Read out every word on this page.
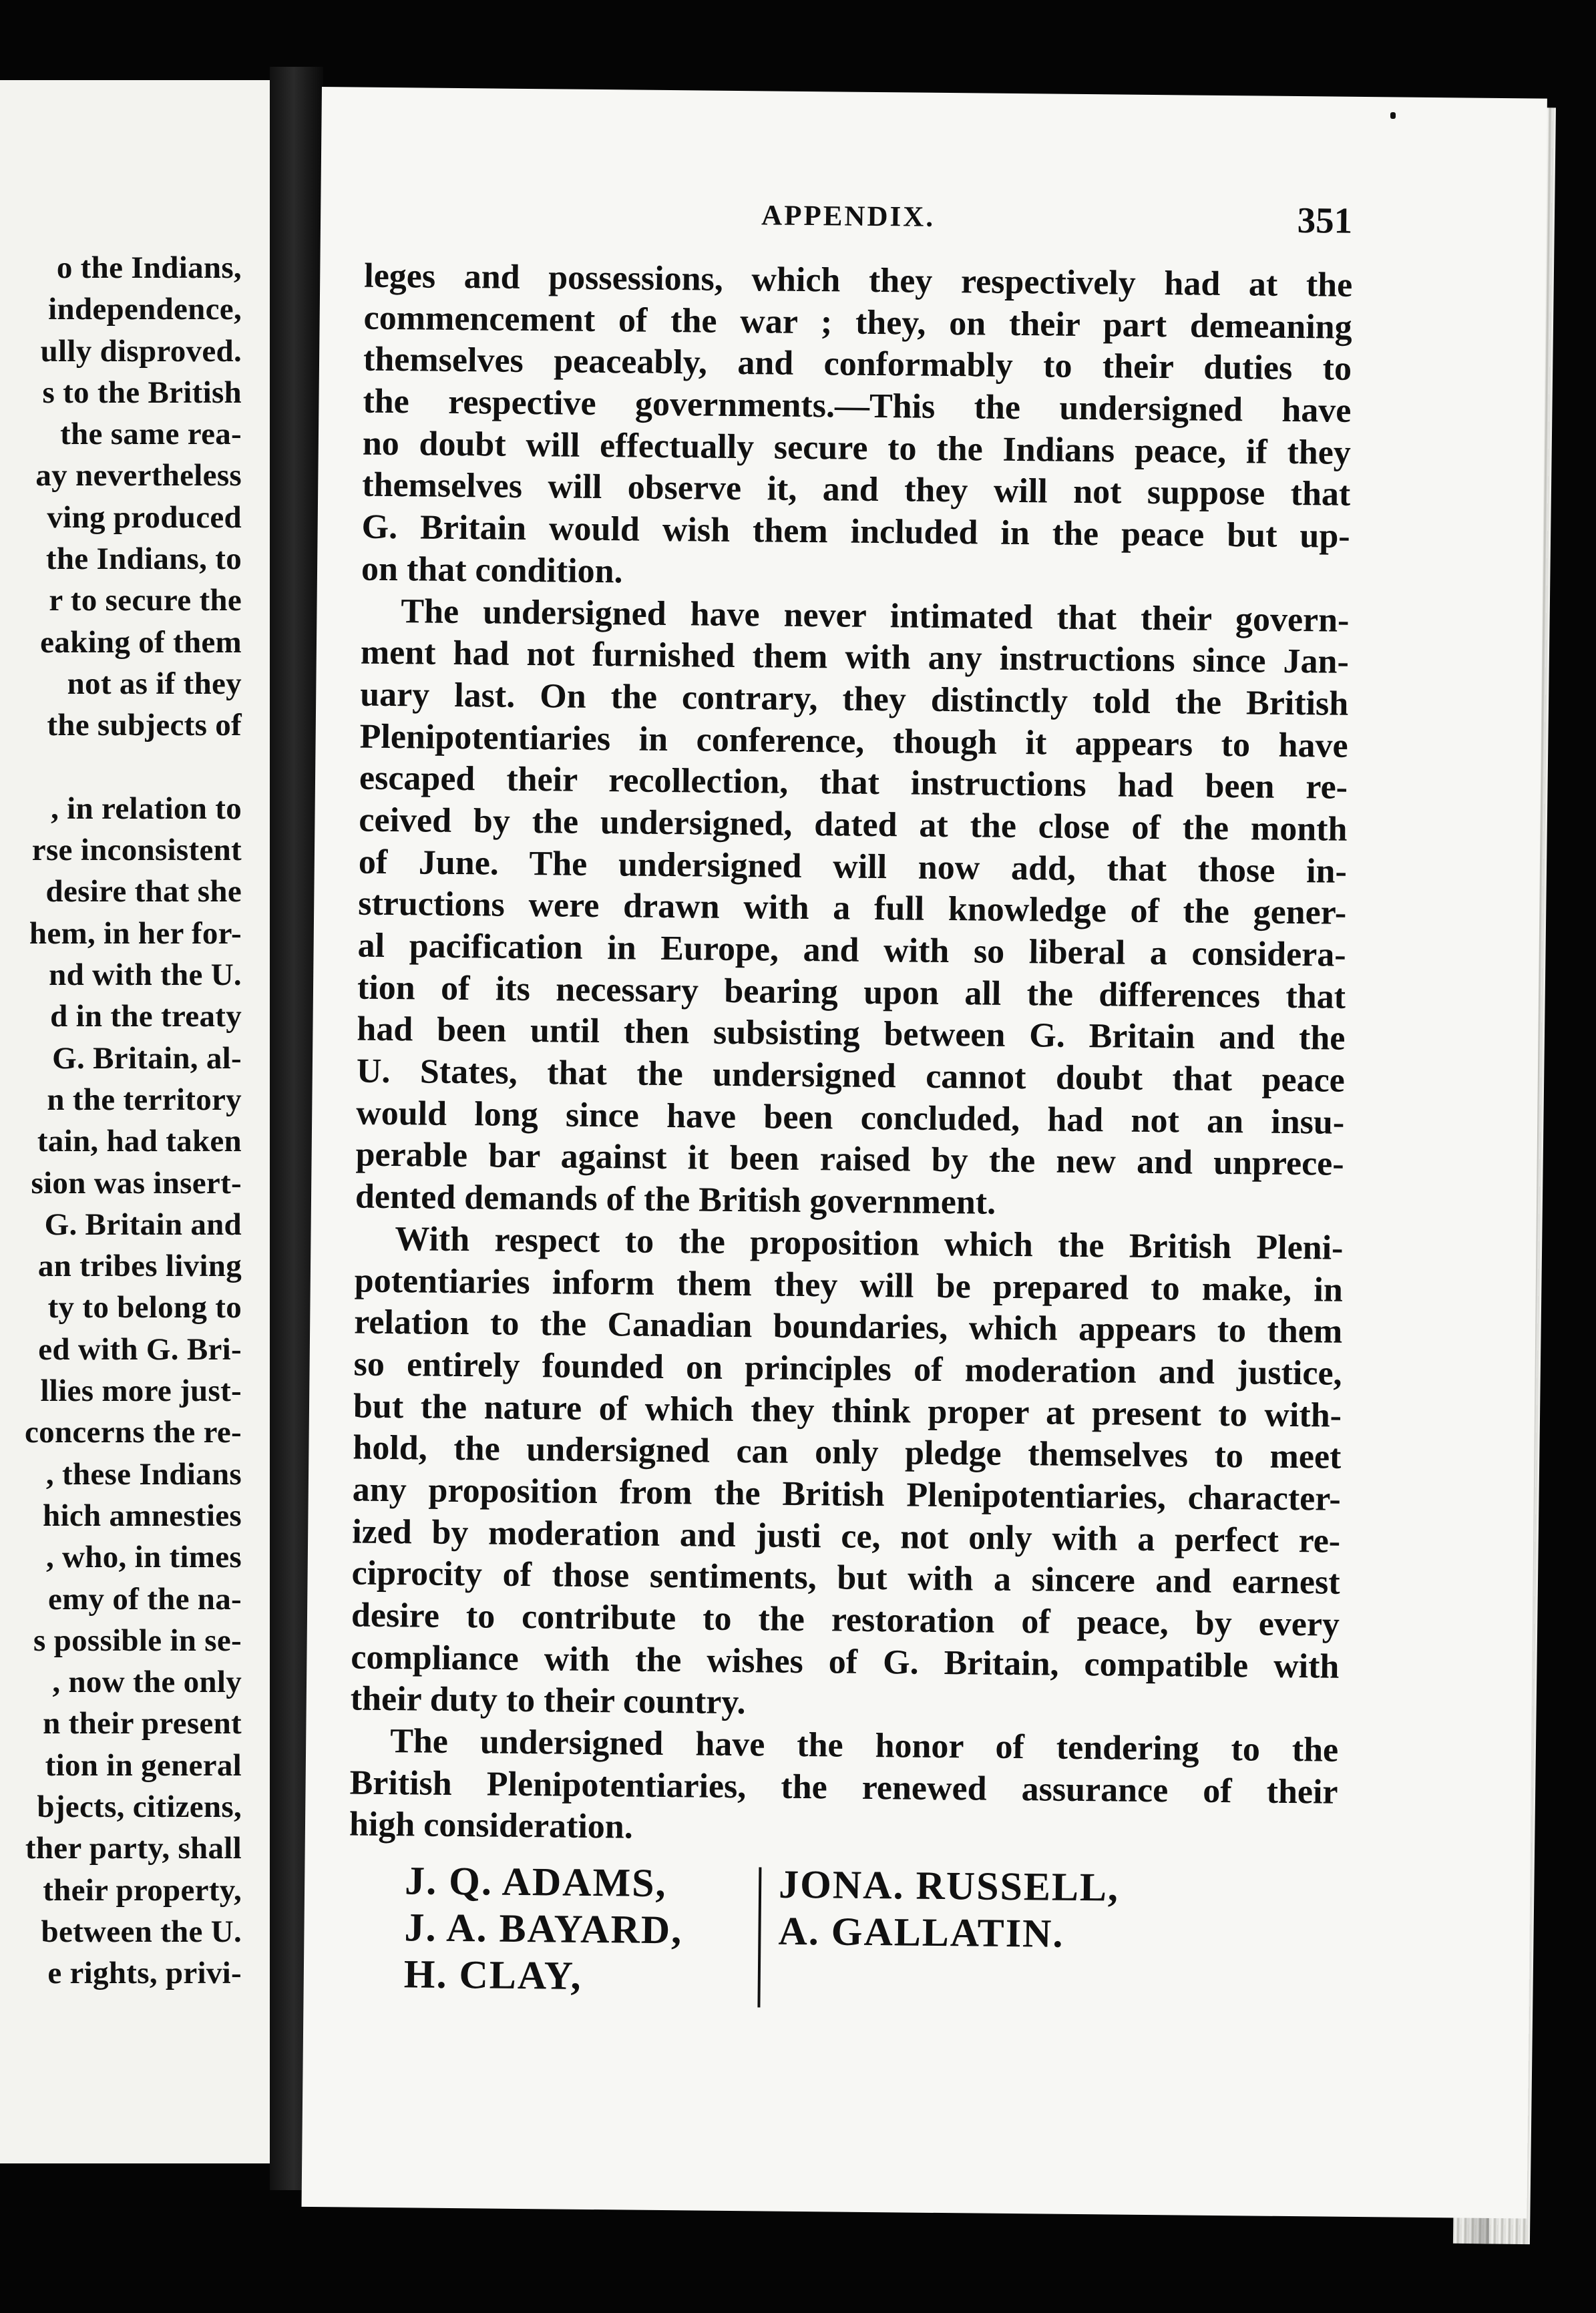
o the Indians,
independence,
ully disproved.
s to the British
the same rea-
ay nevertheless
ving produced
the Indians, to
r to secure the
eaking of them
not as if they
the subjects of
, in relation to
rse inconsistent
desire that she
hem, in her for-
nd with the U.
d in the treaty
G. Britain, al-
n the territory
tain, had taken
sion was insert-
G. Britain and
an tribes living
ty to belong to
ed with G. Bri-
llies more just-
concerns the re-
, these Indians
hich amnesties
, who, in times
emy of the na-
s possible in se-
, now the only
n their present
tion in general
bjects, citizens,
ther party, shall
their property,
between the U.
e rights, privi-
APPENDIX.	351
leges and possessions, which they respectively had at the
commencement of the war ; they, on their part demeaning
themselves peaceably, and conformably to their duties to
the respective governments.—This the undersigned have
no doubt will effectually secure to the Indians peace, if they
themselves will observe it, and they will not suppose that
G. Britain would wish them included in the peace but up-
on that condition.
The undersigned have never intimated that their govern-
ment had not furnished them with any instructions since Jan-
uary last. On the contrary, they distinctly told the British
Plenipotentiaries in conference, though it appears to have
escaped their recollection, that instructions had been re-
ceived by the undersigned, dated at the close of the month
of June. The undersigned will now add, that those in-
structions were drawn with a full knowledge of the gener-
al pacification in Europe, and with so liberal a considera-
tion of its necessary bearing upon all the differences that
had been until then subsisting between G. Britain and the
U. States, that the undersigned cannot doubt that peace
would long since have been concluded, had not an insu-
perable bar against it been raised by the new and unprece-
dented demands of the British government.
With respect to the proposition which the British Pleni-
potentiaries inform them they will be prepared to make, in
relation to the Canadian boundaries, which appears to them
so entirely founded on principles of moderation and justice,
but the nature of which they think proper at present to with-
hold, the undersigned can only pledge themselves to meet
any proposition from the British Plenipotentiaries, character-
ized by moderation and justi ce, not only with a perfect re-
ciprocity of those sentiments, but with a sincere and earnest
desire to contribute to the restoration of peace, by every
compliance with the wishes of G. Britain, compatible with
their duty to their country.
The undersigned have the honor of tendering to the
British Plenipotentiaries, the renewed assurance of their
high consideration.
J. Q. ADAMS,
J. A. BAYARD,
H. CLAY,
JONA. RUSSELL,
A. GALLATIN.
